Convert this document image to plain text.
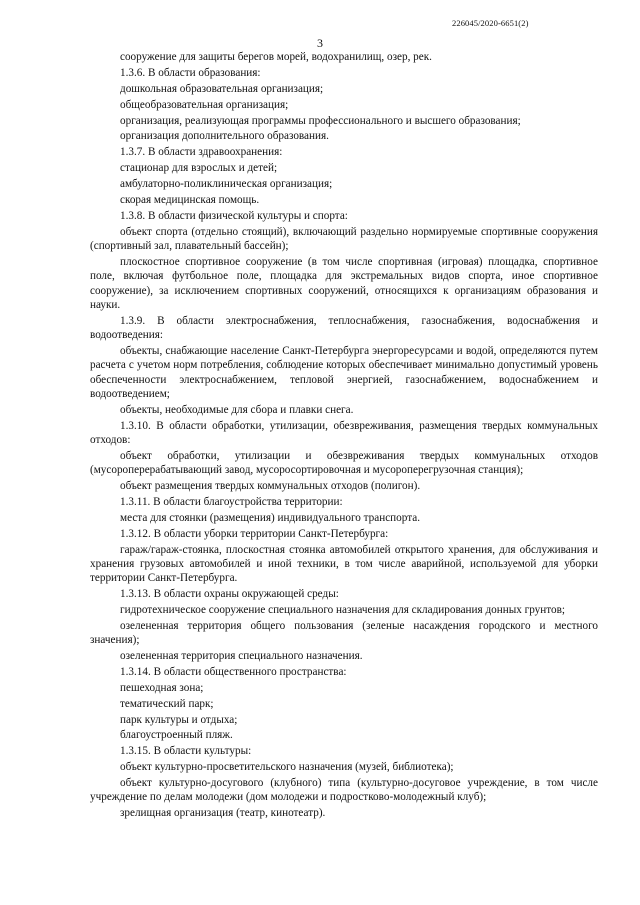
226045/2020-6651(2)
3

сооружение для защиты берегов морей, водохранилищ, озер, рек.

1.3.6. В области образования:

дошкольная образовательная организация;

общеобразовательная организация;

организация, реализующая программы профессионального и высшего образования;

организация дополнительного образования.

1.3.7. В области здравоохранения:

стационар для взрослых и детей;

амбулаторно-поликлиническая организация;

скорая медицинская помощь.

1.3.8. В области физической культуры и спорта:

объект спорта (отдельно стоящий), включающий раздельно нормируемые спортивные сооружения (спортивный зал, плавательный бассейн);

плоскостное спортивное сооружение (в том числе спортивная (игровая) площадка, спортивное поле, включая футбольное поле, площадка для экстремальных видов спорта, иное спортивное сооружение), за исключением спортивных сооружений, относящихся к организациям образования и науки.

1.3.9. В области электроснабжения, теплоснабжения, газоснабжения, водоснабжения и водоотведения:

объекты, снабжающие население Санкт-Петербурга энергоресурсами и водой, определяются путем расчета с учетом норм потребления, соблюдение которых обеспечивает минимально допустимый уровень обеспеченности электроснабжением, тепловой энергией, газоснабжением, водоснабжением и водоотведением;

объекты, необходимые для сбора и плавки снега.

1.3.10. В области обработки, утилизации, обезвреживания, размещения твердых коммунальных отходов:

объект обработки, утилизации и обезвреживания твердых коммунальных отходов (мусороперерабатывающий завод, мусоросортировочная и мусороперегрузочная станция);

объект размещения твердых коммунальных отходов (полигон).

1.3.11. В области благоустройства территории:

места для стоянки (размещения) индивидуального транспорта.

1.3.12. В области уборки территории Санкт-Петербурга:

гараж/гараж-стоянка, плоскостная стоянка автомобилей открытого хранения, для обслуживания и хранения грузовых автомобилей и иной техники, в том числе аварийной, используемой для уборки территории Санкт-Петербурга.

1.3.13. В области охраны окружающей среды:

гидротехническое сооружение специального назначения для складирования донных грунтов;

озелененная территория общего пользования (зеленые насаждения городского и местного значения);

озелененная территория специального назначения.

1.3.14. В области общественного пространства:

пешеходная зона;

тематический парк;

парк культуры и отдыха;

благоустроенный пляж.

1.3.15. В области культуры:

объект культурно-просветительского назначения (музей, библиотека);

объект культурно-досугового (клубного) типа (культурно-досуговое учреждение, в том числе учреждение по делам молодежи (дом молодежи и подростково-молодежный клуб);

зрелищная организация (театр, кинотеатр).
